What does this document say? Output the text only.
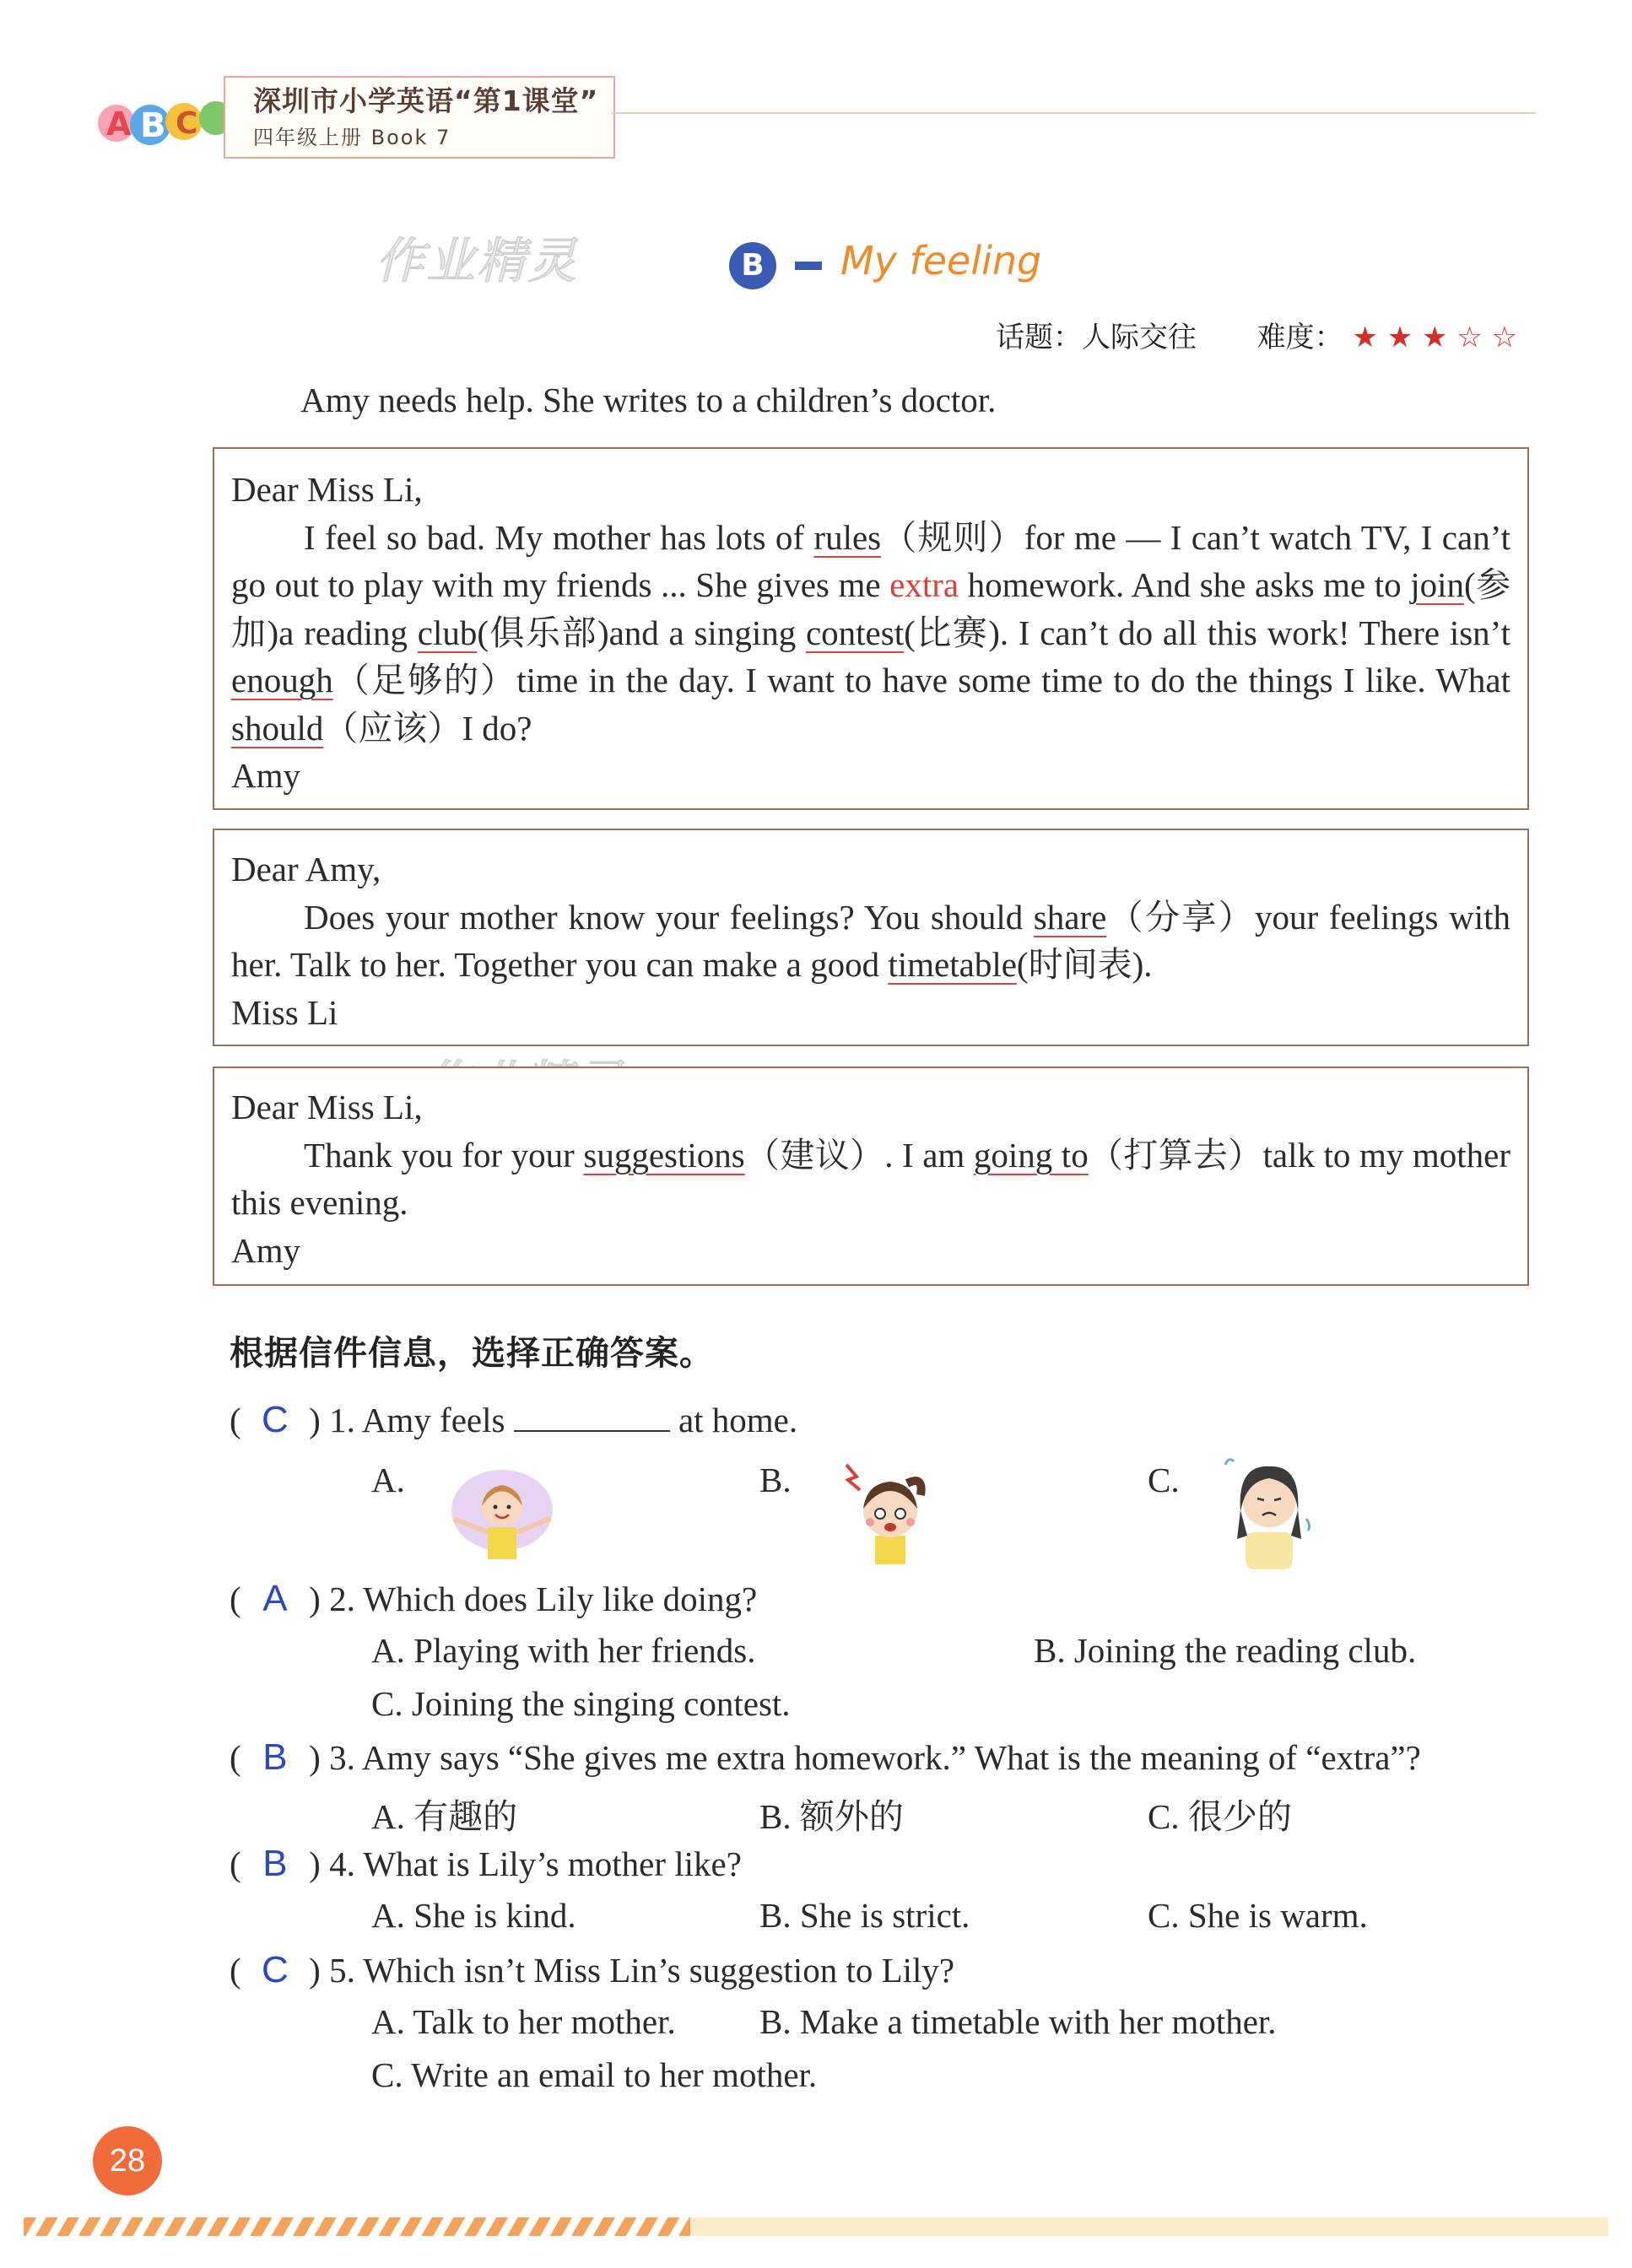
A B C
深圳市小学英语“第1课堂”
四年级上册 Book 7
作业精灵	B	My feeling
话题：人际交往 难度： ★ ★ ★ ☆ ☆
Amy needs help. She writes to a children’s doctor.

Dear Miss Li,

I feel so bad. My mother has lots of rules（规则）for me — I can’t watch TV, I can’t go out to play with my friends ... She gives me extra homework. And she asks me to join(参加)a reading club(俱乐部)and a singing contest(比赛). I can’t do all this work! There isn’t enough（足够的）time in the day. I want to have some time to do the things I like. What should（应该）I do?

Amy

Dear Amy,

Does your mother know your feelings? You should share（分享）your feelings with her. Talk to her. Together you can make a good timetable(时间表).

Miss Li

Dear Miss Li,

Thank you for your suggestions（建议）. I am going to（打算去）talk to my mother this evening.

Amy

根据信件信息，选择正确答案。
( C ) 1. Amy feels	at home.
A.	B.	C.
( A ) 2. Which does Lily like doing?
A. Playing with her friends.	B. Joining the reading club.
C. Joining the singing contest.
( B ) 3. Amy says “She gives me extra homework.” What is the meaning of “extra”?
A. 有趣的	B. 额外的	C. 很少的
( B ) 4. What is Lily’s mother like?
A. She is kind.	B. She is strict.	C. She is warm.
( C ) 5. Which isn’t Miss Lin’s suggestion to Lily?
A. Talk to her mother. B. Make a timetable with her mother.
C. Write an email to her mother.
28
